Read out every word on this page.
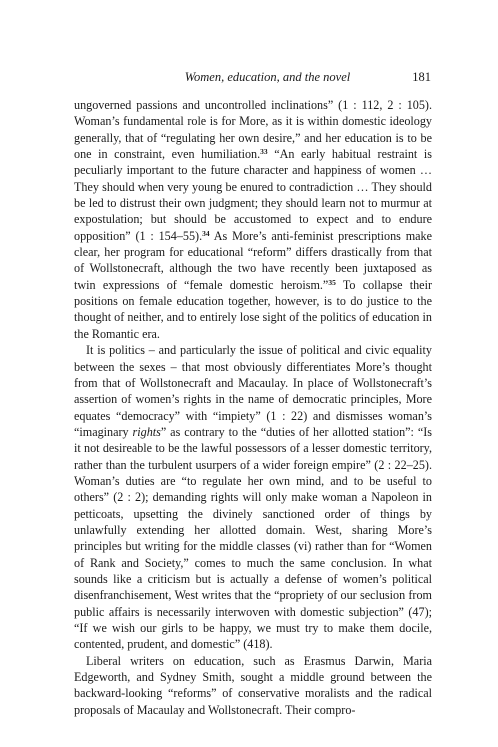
Women, education, and the novel	181

ungoverned passions and uncontrolled inclinations” (1 : 112, 2 : 105). Woman’s fundamental role is for More, as it is within domestic ideology generally, that of “regulating her own desire,” and her education is to be one in constraint, even humiliation.$^{33}$ “An early habitual restraint is peculiarly important to the future character and happiness of women … They should when very young be enured to contradiction … They should be led to distrust their own judgment; they should learn not to murmur at expostulation; but should be accustomed to expect and to endure opposition” (1 : 154–55).$^{34}$ As More’s anti-feminist prescriptions make clear, her program for educational “reform” differs drastically from that of Wollstonecraft, although the two have recently been juxtaposed as twin expressions of “female domestic heroism.”$^{35}$ To collapse their positions on female education together, however, is to do justice to the thought of neither, and to entirely lose sight of the politics of education in the Romantic era.

It is politics – and particularly the issue of political and civic equality between the sexes – that most obviously differentiates More’s thought from that of Wollstonecraft and Macaulay. In place of Wollstonecraft’s assertion of women’s rights in the name of democratic principles, More equates “democracy” with “impiety” (1 : 22) and dismisses woman’s “imaginary rights” as contrary to the “duties of her allotted station”: “Is it not desireable to be the lawful possessors of a lesser domestic territory, rather than the turbulent usurpers of a wider foreign empire” (2 : 22–25). Woman’s duties are “to regulate her own mind, and to be useful to others” (2 : 2); demanding rights will only make woman a Napoleon in petticoats, upsetting the divinely sanctioned order of things by unlawfully extending her allotted domain. West, sharing More’s principles but writing for the middle classes (vi) rather than for “Women of Rank and Society,” comes to much the same conclusion. In what sounds like a criticism but is actually a defense of women’s political disenfranchisement, West writes that the “propriety of our seclusion from public affairs is necessarily interwoven with domestic subjection” (47); “If we wish our girls to be happy, we must try to make them docile, contented, prudent, and domestic” (418).

Liberal writers on education, such as Erasmus Darwin, Maria Edgeworth, and Sydney Smith, sought a middle ground between the backward-looking “reforms” of conservative moralists and the radical proposals of Macaulay and Wollstonecraft. Their compro-
